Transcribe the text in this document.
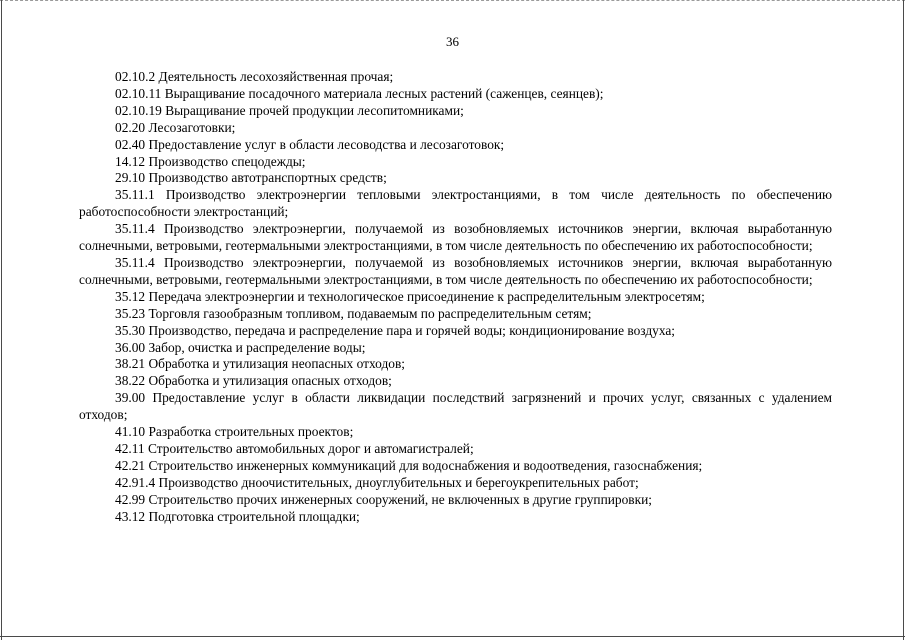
36

02.10.2 Деятельность лесохозяйственная прочая;

02.10.11 Выращивание посадочного материала лесных растений (саженцев, сеянцев);

02.10.19 Выращивание прочей продукции лесопитомниками;

02.20 Лесозаготовки;

02.40 Предоставление услуг в области лесоводства и лесозаготовок;

14.12 Производство спецодежды;

29.10 Производство автотранспортных средств;

35.11.1 Производство электроэнергии тепловыми электростанциями, в том числе деятельность по обеспечению работоспособности электростанций;

35.11.4 Производство электроэнергии, получаемой из возобновляемых источников энергии, включая выработанную солнечными, ветровыми, геотермальными электростанциями, в том числе деятельность по обеспечению их работоспособности;

35.11.4 Производство электроэнергии, получаемой из возобновляемых источников энергии, включая выработанную солнечными, ветровыми, геотермальными электростанциями, в том числе деятельность по обеспечению их работоспособности;

35.12 Передача электроэнергии и технологическое присоединение к распределительным электросетям;

35.23 Торговля газообразным топливом, подаваемым по распределительным сетям;

35.30 Производство, передача и распределение пара и горячей воды; кондиционирование воздуха;

36.00 Забор, очистка и распределение воды;

38.21 Обработка и утилизация неопасных отходов;

38.22 Обработка и утилизация опасных отходов;

39.00 Предоставление услуг в области ликвидации последствий загрязнений и прочих услуг, связанных с удалением отходов;

41.10 Разработка строительных проектов;

42.11 Строительство автомобильных дорог и автомагистралей;

42.21 Строительство инженерных коммуникаций для водоснабжения и водоотведения, газоснабжения;

42.91.4 Производство дноочистительных, дноуглубительных и берегоукрепительных работ;

42.99 Строительство прочих инженерных сооружений, не включенных в другие группировки;

43.12 Подготовка строительной площадки;
